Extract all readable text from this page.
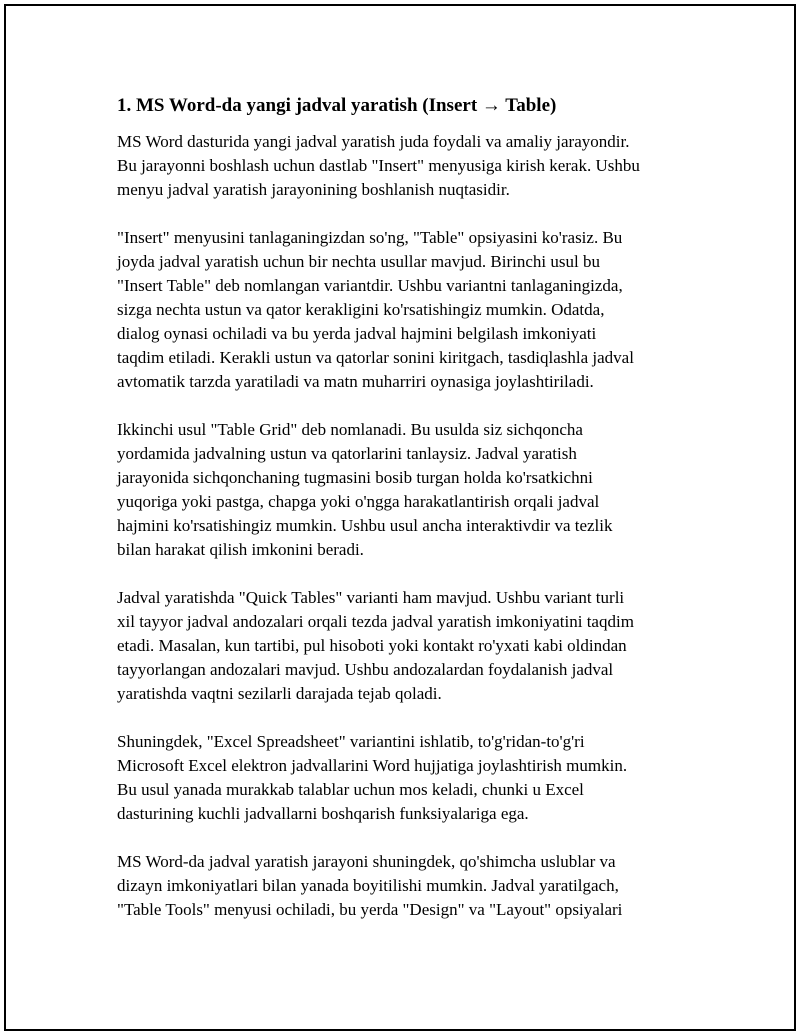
1. MS Word-da yangi jadval yaratish (Insert → Table)
MS Word dasturida yangi jadval yaratish juda foydali va amaliy jarayondir.
Bu jarayonni boshlash uchun dastlab "Insert" menyusiga kirish kerak. Ushbu
menyu jadval yaratish jarayonining boshlanish nuqtasidir.
"Insert" menyusini tanlaganingizdan so'ng, "Table" opsiyasini ko'rasiz. Bu
joyda jadval yaratish uchun bir nechta usullar mavjud. Birinchi usul bu
"Insert Table" deb nomlangan variantdir. Ushbu variantni tanlaganingizda,
sizga nechta ustun va qator kerakligini ko'rsatishingiz mumkin. Odatda,
dialog oynasi ochiladi va bu yerda jadval hajmini belgilash imkoniyati
taqdim etiladi. Kerakli ustun va qatorlar sonini kiritgach, tasdiqlashla jadval
avtomatik tarzda yaratiladi va matn muharriri oynasiga joylashtiriladi.
Ikkinchi usul "Table Grid" deb nomlanadi. Bu usulda siz sichqoncha
yordamida jadvalning ustun va qatorlarini tanlaysiz. Jadval yaratish
jarayonida sichqonchaning tugmasini bosib turgan holda ko'rsatkichni
yuqoriga yoki pastga, chapga yoki o'ngga harakatlantirish orqali jadval
hajmini ko'rsatishingiz mumkin. Ushbu usul ancha interaktivdir va tezlik
bilan harakat qilish imkonini beradi.
Jadval yaratishda "Quick Tables" varianti ham mavjud. Ushbu variant turli
xil tayyor jadval andozalari orqali tezda jadval yaratish imkoniyatini taqdim
etadi. Masalan, kun tartibi, pul hisoboti yoki kontakt ro'yxati kabi oldindan
tayyorlangan andozalari mavjud. Ushbu andozalardan foydalanish jadval
yaratishda vaqtni sezilarli darajada tejab qoladi.
Shuningdek, "Excel Spreadsheet" variantini ishlatib, to'g'ridan-to'g'ri
Microsoft Excel elektron jadvallarini Word hujjatiga joylashtirish mumkin.
Bu usul yanada murakkab talablar uchun mos keladi, chunki u Excel
dasturining kuchli jadvallarni boshqarish funksiyalariga ega.
MS Word-da jadval yaratish jarayoni shuningdek, qo'shimcha uslublar va
dizayn imkoniyatlari bilan yanada boyitilishi mumkin. Jadval yaratilgach,
"Table Tools" menyusi ochiladi, bu yerda "Design" va "Layout" opsiyalari
